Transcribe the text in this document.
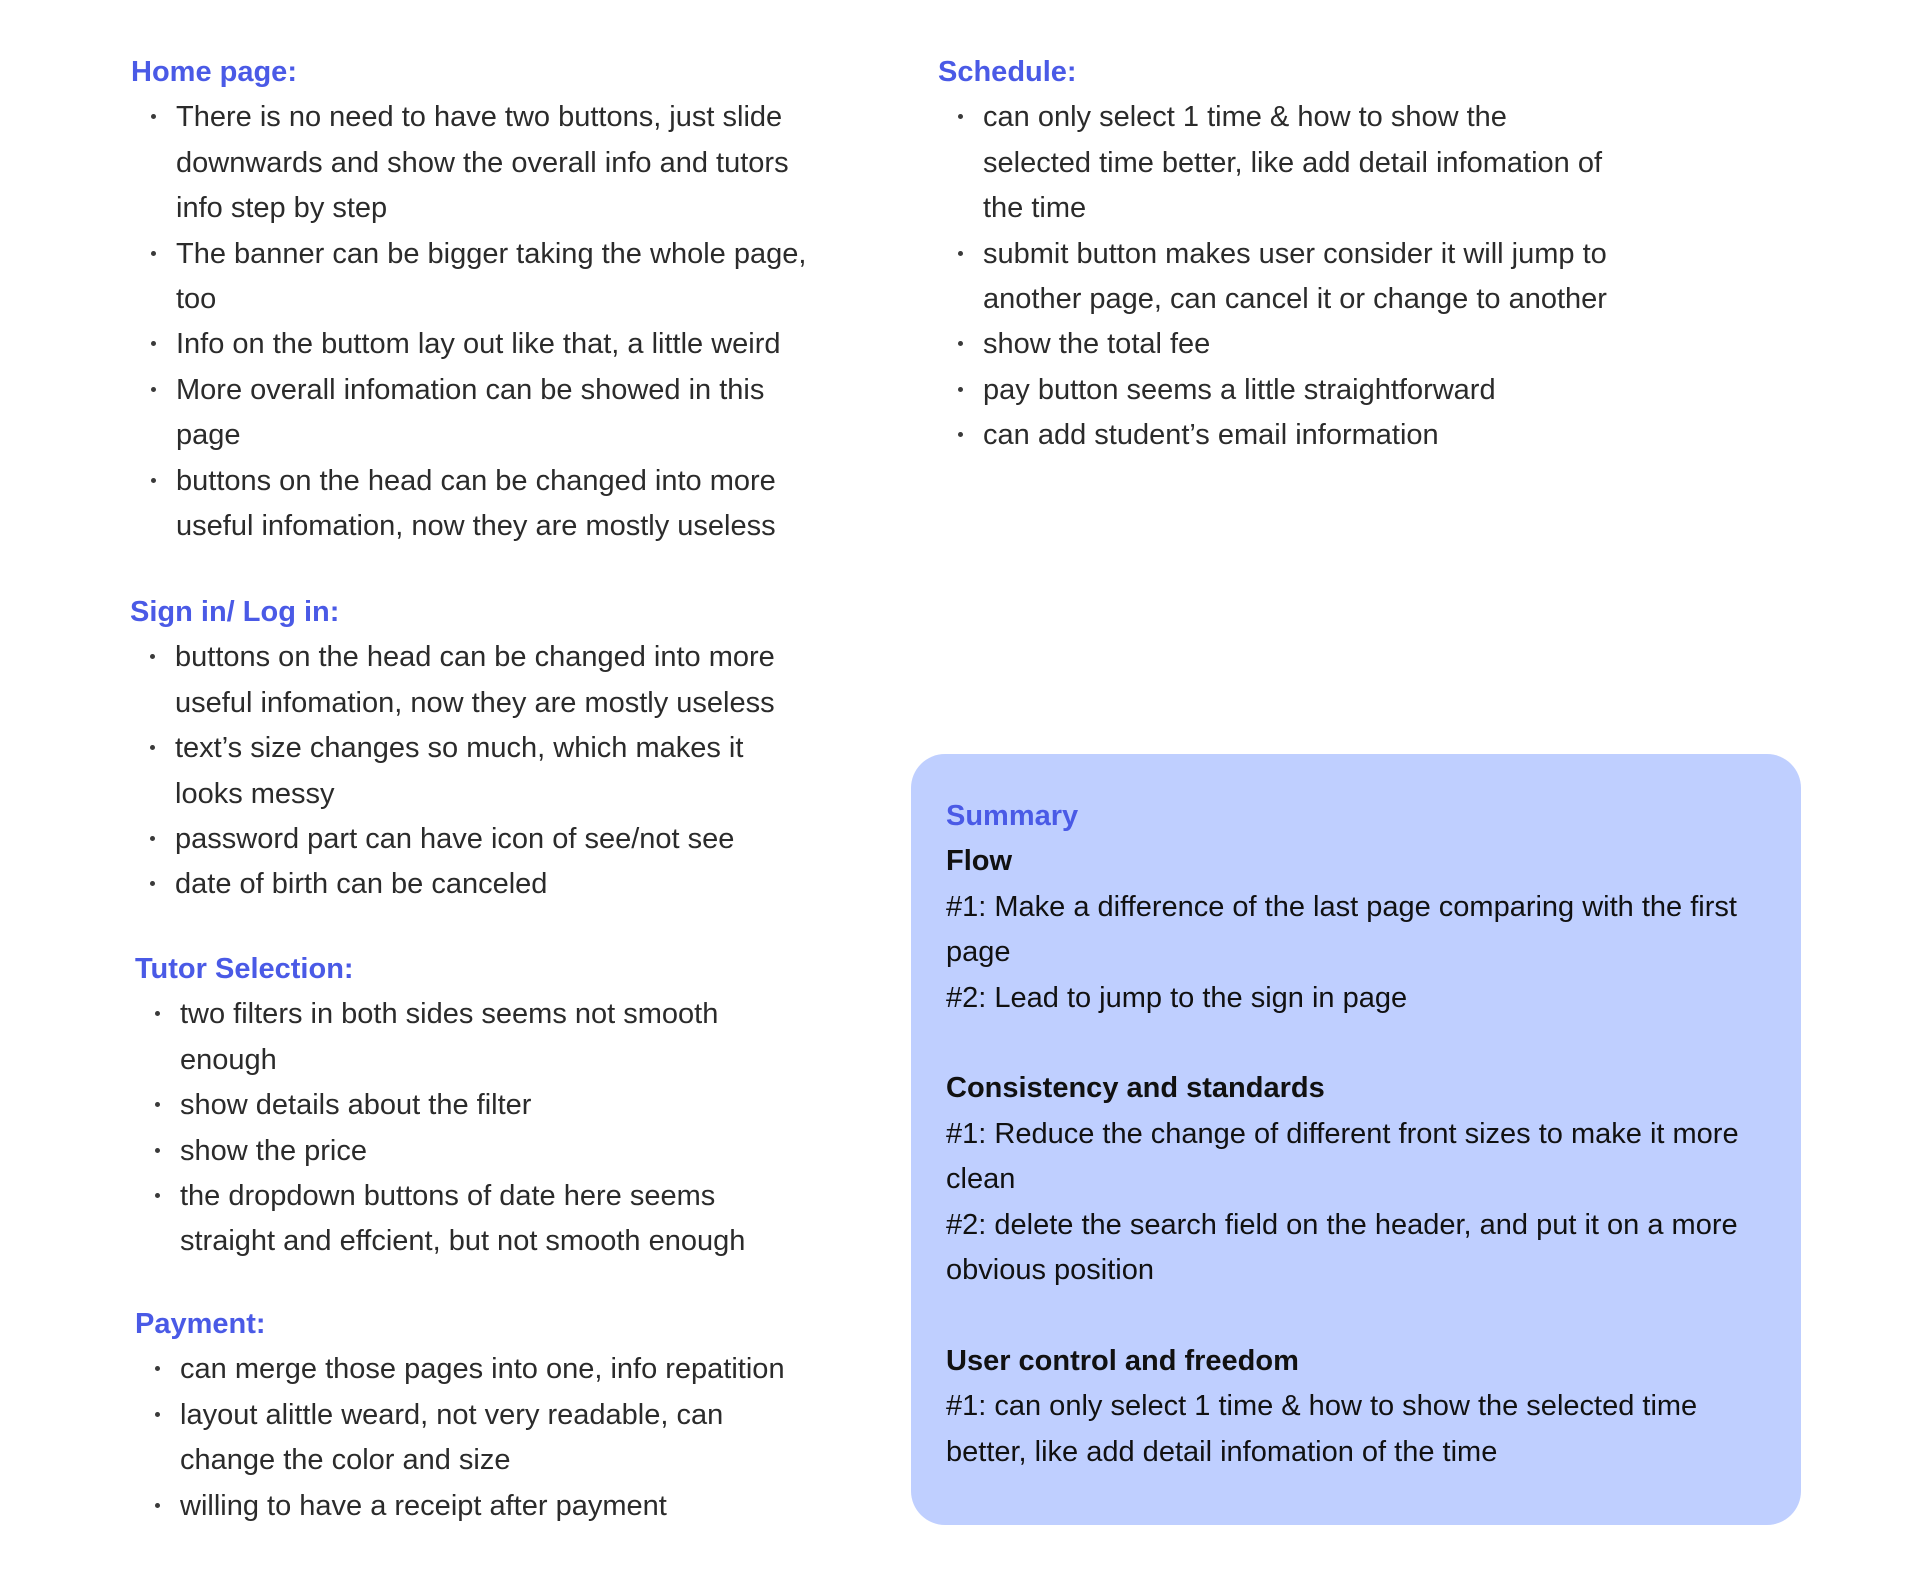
Home page:
There is no need to have two buttons, just slide downwards and show the overall info and tutors info step by step
The banner can be bigger taking the whole page, too
Info on the buttom lay out like that, a little weird
More overall infomation can be showed in this page
buttons on the head can be changed into more useful infomation, now they are mostly useless
Sign in/ Log in:
buttons on the head can be changed into more useful infomation, now they are mostly useless
text’s size changes so much, which makes it looks messy
password part can have icon of see/not see
date of birth can be canceled
Tutor Selection:
two filters in both sides seems not smooth enough
show details about the filter
show the price
the dropdown buttons of date here seems straight and effcient, but not smooth enough
Payment:
can merge those pages into one, info repatition
layout alittle weard, not very readable, can change the color and size
willing to have a receipt after payment
Schedule:
can only select 1 time & how to show the selected time better, like add detail infomation of the time
submit button makes user consider it will jump to another page, can cancel it or change to another
show the total fee
pay button seems a little straightforward
can add student’s email information
Summary
Flow
#1: Make a difference of the last page comparing with the first page
#2: Lead to jump to the sign in page
Consistency and standards
#1: Reduce the change of different front sizes to make it more clean
#2: delete the search field on the header, and put it on a more obvious position
User control and freedom
#1: can only select 1 time & how to show the selected time better, like add detail infomation of the time
